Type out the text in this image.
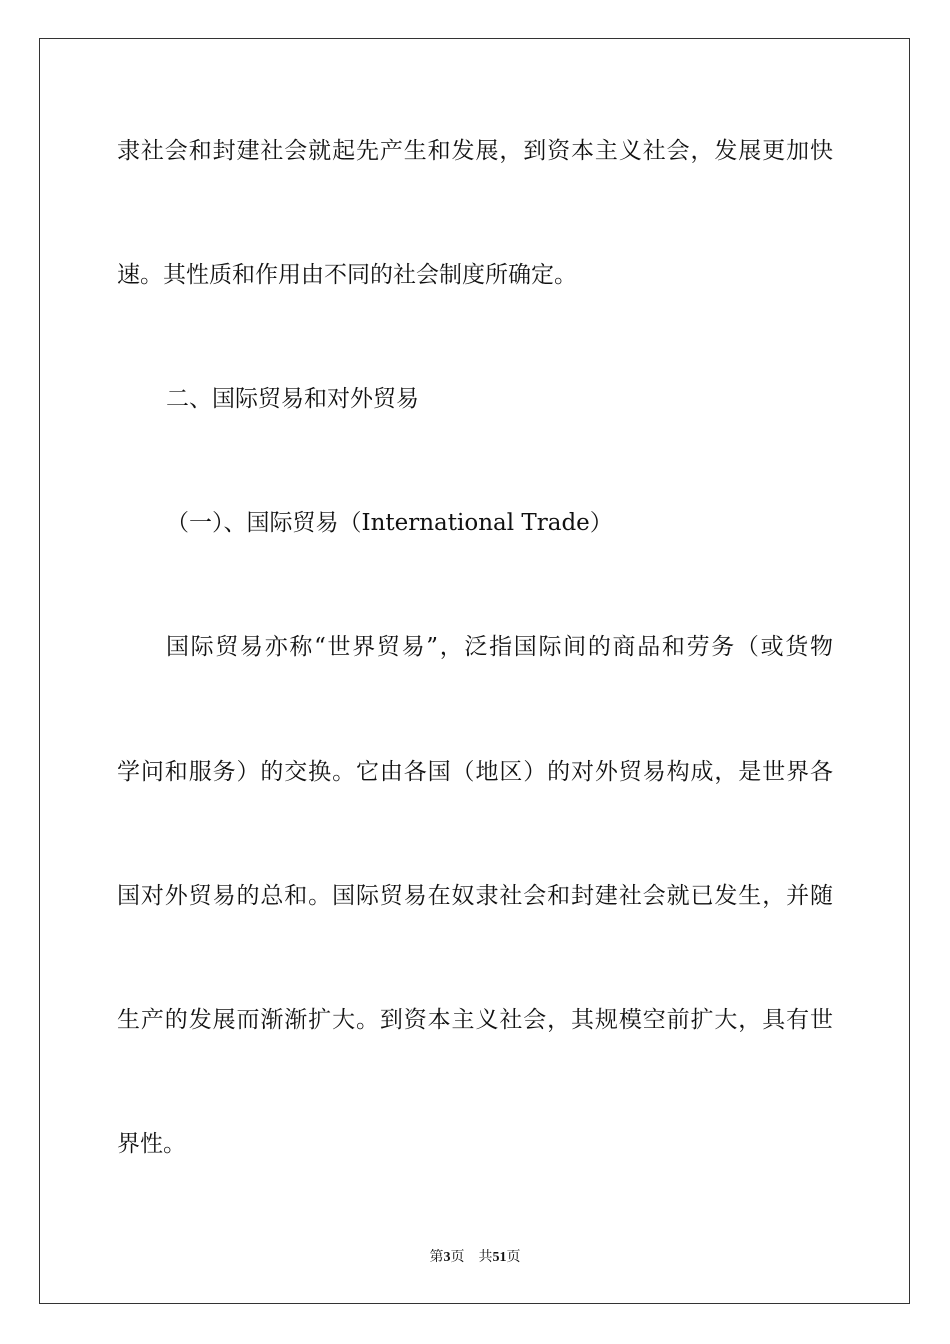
隶社会和封建社会就起先产生和发展，到资本主义社会，发展更加快

速。其性质和作用由不同的社会制度所确定。

二、国际贸易和对外贸易

（一）、国际贸易（International Trade）

国际贸易亦称“世界贸易”，泛指国际间的商品和劳务（或货物

学问和服务）的交换。它由各国（地区）的对外贸易构成，是世界各

国对外贸易的总和。国际贸易在奴隶社会和封建社会就已发生，并随

生产的发展而渐渐扩大。到资本主义社会，其规模空前扩大，具有世

界性。

第3页 共51页
